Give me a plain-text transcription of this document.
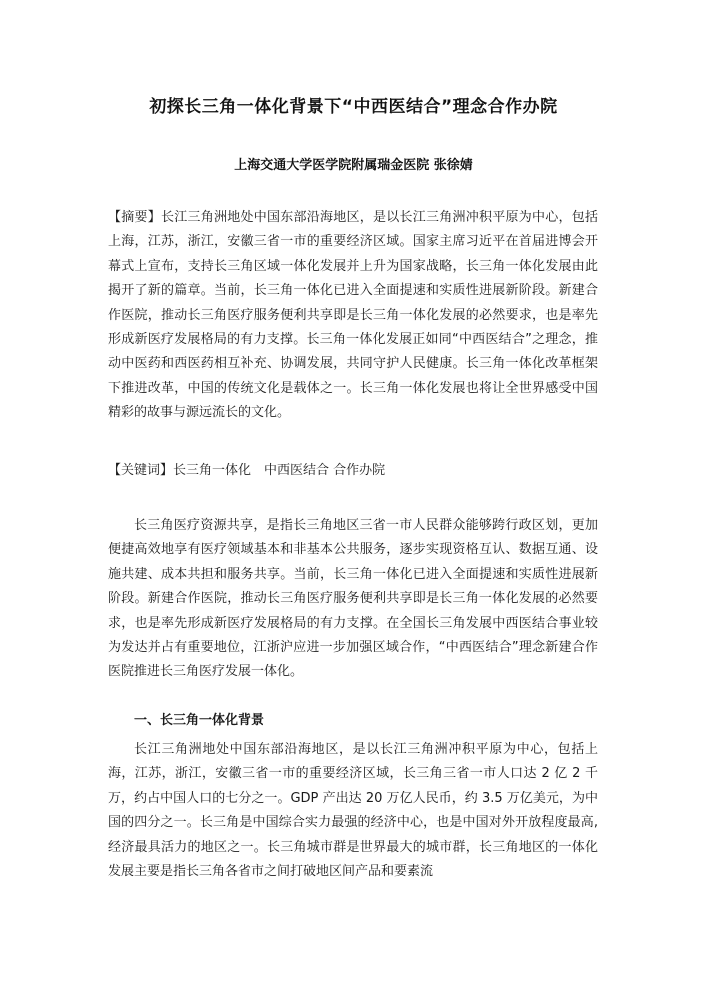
初探长三角一体化背景下“中西医结合”理念合作办院
上海交通大学医学院附属瑞金医院 张徐婧

【摘要】长江三角洲地处中国东部沿海地区，是以长江三角洲冲积平原为中心，包括上海，江苏，浙江，安徽三省一市的重要经济区域。国家主席习近平在首届进博会开幕式上宣布，支持长三角区域一体化发展并上升为国家战略，长三角一体化发展由此揭开了新的篇章。当前，长三角一体化已进入全面提速和实质性进展新阶段。新建合作医院，推动长三角医疗服务便利共享即是长三角一体化发展的必然要求，也是率先形成新医疗发展格局的有力支撑。长三角一体化发展正如同“中西医结合”之理念，推动中医药和西医药相互补充、协调发展，共同守护人民健康。长三角一体化改革框架下推进改革，中国的传统文化是载体之一。长三角一体化发展也将让全世界感受中国精彩的故事与源远流长的文化。

【关键词】长三角一体化　中西医结合 合作办院

长三角医疗资源共享，是指长三角地区三省一市人民群众能够跨行政区划，更加便捷高效地享有医疗领域基本和非基本公共服务，逐步实现资格互认、数据互通、设施共建、成本共担和服务共享。当前，长三角一体化已进入全面提速和实质性进展新阶段。新建合作医院，推动长三角医疗服务便利共享即是长三角一体化发展的必然要求，也是率先形成新医疗发展格局的有力支撑。在全国长三角发展中西医结合事业较为发达并占有重要地位，江浙沪应进一步加强区域合作，“中西医结合”理念新建合作医院推进长三角医疗发展一体化。

一、长三角一体化背景

长江三角洲地处中国东部沿海地区，是以长江三角洲冲积平原为中心，包括上海，江苏，浙江，安徽三省一市的重要经济区域，长三角三省一市人口达 2 亿 2 千万，约占中国人口的七分之一。GDP 产出达 20 万亿人民币，约 3.5 万亿美元，为中国的四分之一。长三角是中国综合实力最强的经济中心，也是中国对外开放程度最高,经济最具活力的地区之一。长三角城市群是世界最大的城市群，长三角地区的一体化发展主要是指长三角各省市之间打破地区间产品和要素流
